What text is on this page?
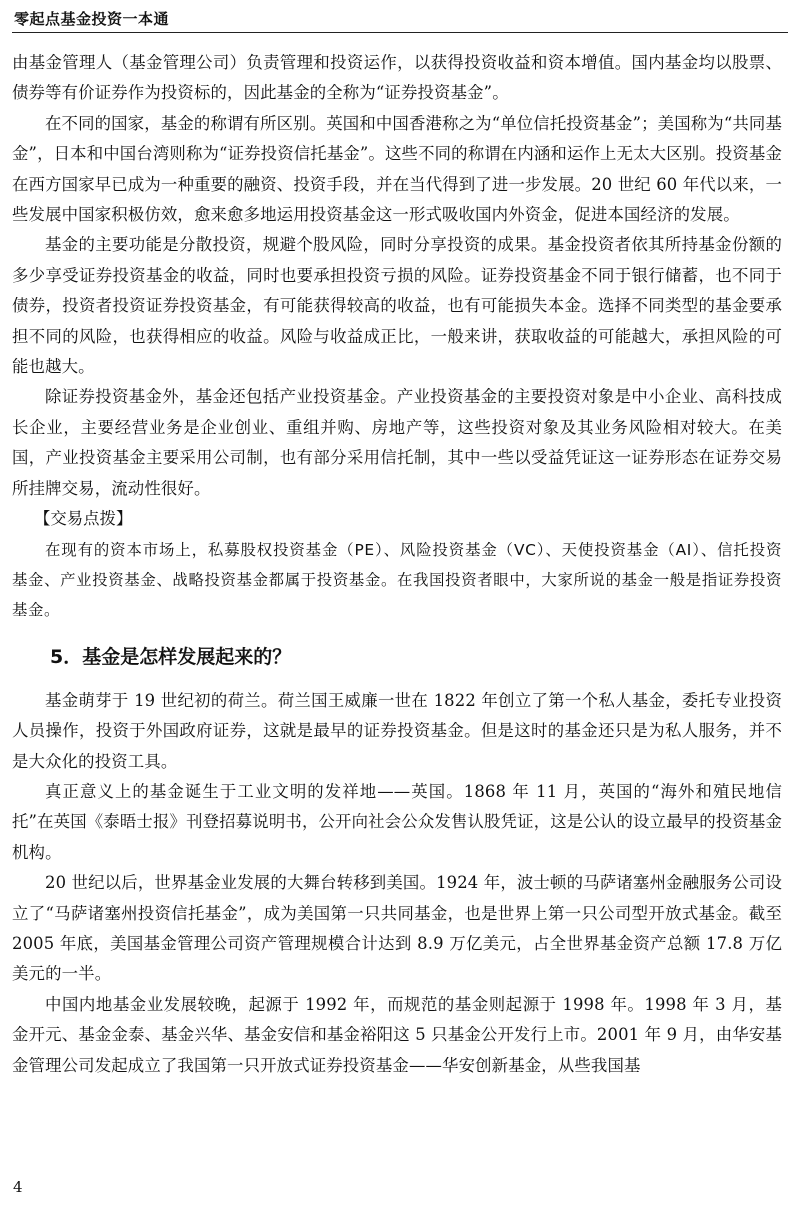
零起点基金投资一本通

由基金管理人（基金管理公司）负责管理和投资运作，以获得投资收益和资本增值。国内基金均以股票、债券等有价证券作为投资标的，因此基金的全称为“证券投资基金”。

在不同的国家，基金的称谓有所区别。英国和中国香港称之为“单位信托投资基金”；美国称为“共同基金”，日本和中国台湾则称为“证券投资信托基金”。这些不同的称谓在内涵和运作上无太大区别。投资基金在西方国家早已成为一种重要的融资、投资手段，并在当代得到了进一步发展。20 世纪 60 年代以来，一些发展中国家积极仿效，愈来愈多地运用投资基金这一形式吸收国内外资金，促进本国经济的发展。

基金的主要功能是分散投资，规避个股风险，同时分享投资的成果。基金投资者依其所持基金份额的多少享受证券投资基金的收益，同时也要承担投资亏损的风险。证券投资基金不同于银行储蓄，也不同于债券，投资者投资证券投资基金，有可能获得较高的收益，也有可能损失本金。选择不同类型的基金要承担不同的风险，也获得相应的收益。风险与收益成正比，一般来讲，获取收益的可能越大，承担风险的可能也越大。

除证券投资基金外，基金还包括产业投资基金。产业投资基金的主要投资对象是中小企业、高科技成长企业，主要经营业务是企业创业、重组并购、房地产等，这些投资对象及其业务风险相对较大。在美国，产业投资基金主要采用公司制，也有部分采用信托制，其中一些以受益凭证这一证券形态在证券交易所挂牌交易，流动性很好。

【交易点拨】

在现有的资本市场上，私募股权投资基金（PE）、风险投资基金（VC）、天使投资基金（AI）、信托投资基金、产业投资基金、战略投资基金都属于投资基金。在我国投资者眼中，大家所说的基金一般是指证券投资基金。

5．基金是怎样发展起来的？

基金萌芽于 19 世纪初的荷兰。荷兰国王威廉一世在 1822 年创立了第一个私人基金，委托专业投资人员操作，投资于外国政府证券，这就是最早的证券投资基金。但是这时的基金还只是为私人服务，并不是大众化的投资工具。

真正意义上的基金诞生于工业文明的发祥地——英国。1868 年 11 月，英国的“海外和殖民地信托”在英国《泰晤士报》刊登招募说明书，公开向社会公众发售认股凭证，这是公认的设立最早的投资基金机构。

20 世纪以后，世界基金业发展的大舞台转移到美国。1924 年，波士顿的马萨诸塞州金融服务公司设立了“马萨诸塞州投资信托基金”，成为美国第一只共同基金，也是世界上第一只公司型开放式基金。截至 2005 年底，美国基金管理公司资产管理规模合计达到 8.9 万亿美元，占全世界基金资产总额 17.8 万亿美元的一半。

中国内地基金业发展较晚，起源于 1992 年，而规范的基金则起源于 1998 年。1998 年 3 月，基金开元、基金金泰、基金兴华、基金安信和基金裕阳这 5 只基金公开发行上市。2001 年 9 月，由华安基金管理公司发起成立了我国第一只开放式证券投资基金——华安创新基金，从些我国基

4
